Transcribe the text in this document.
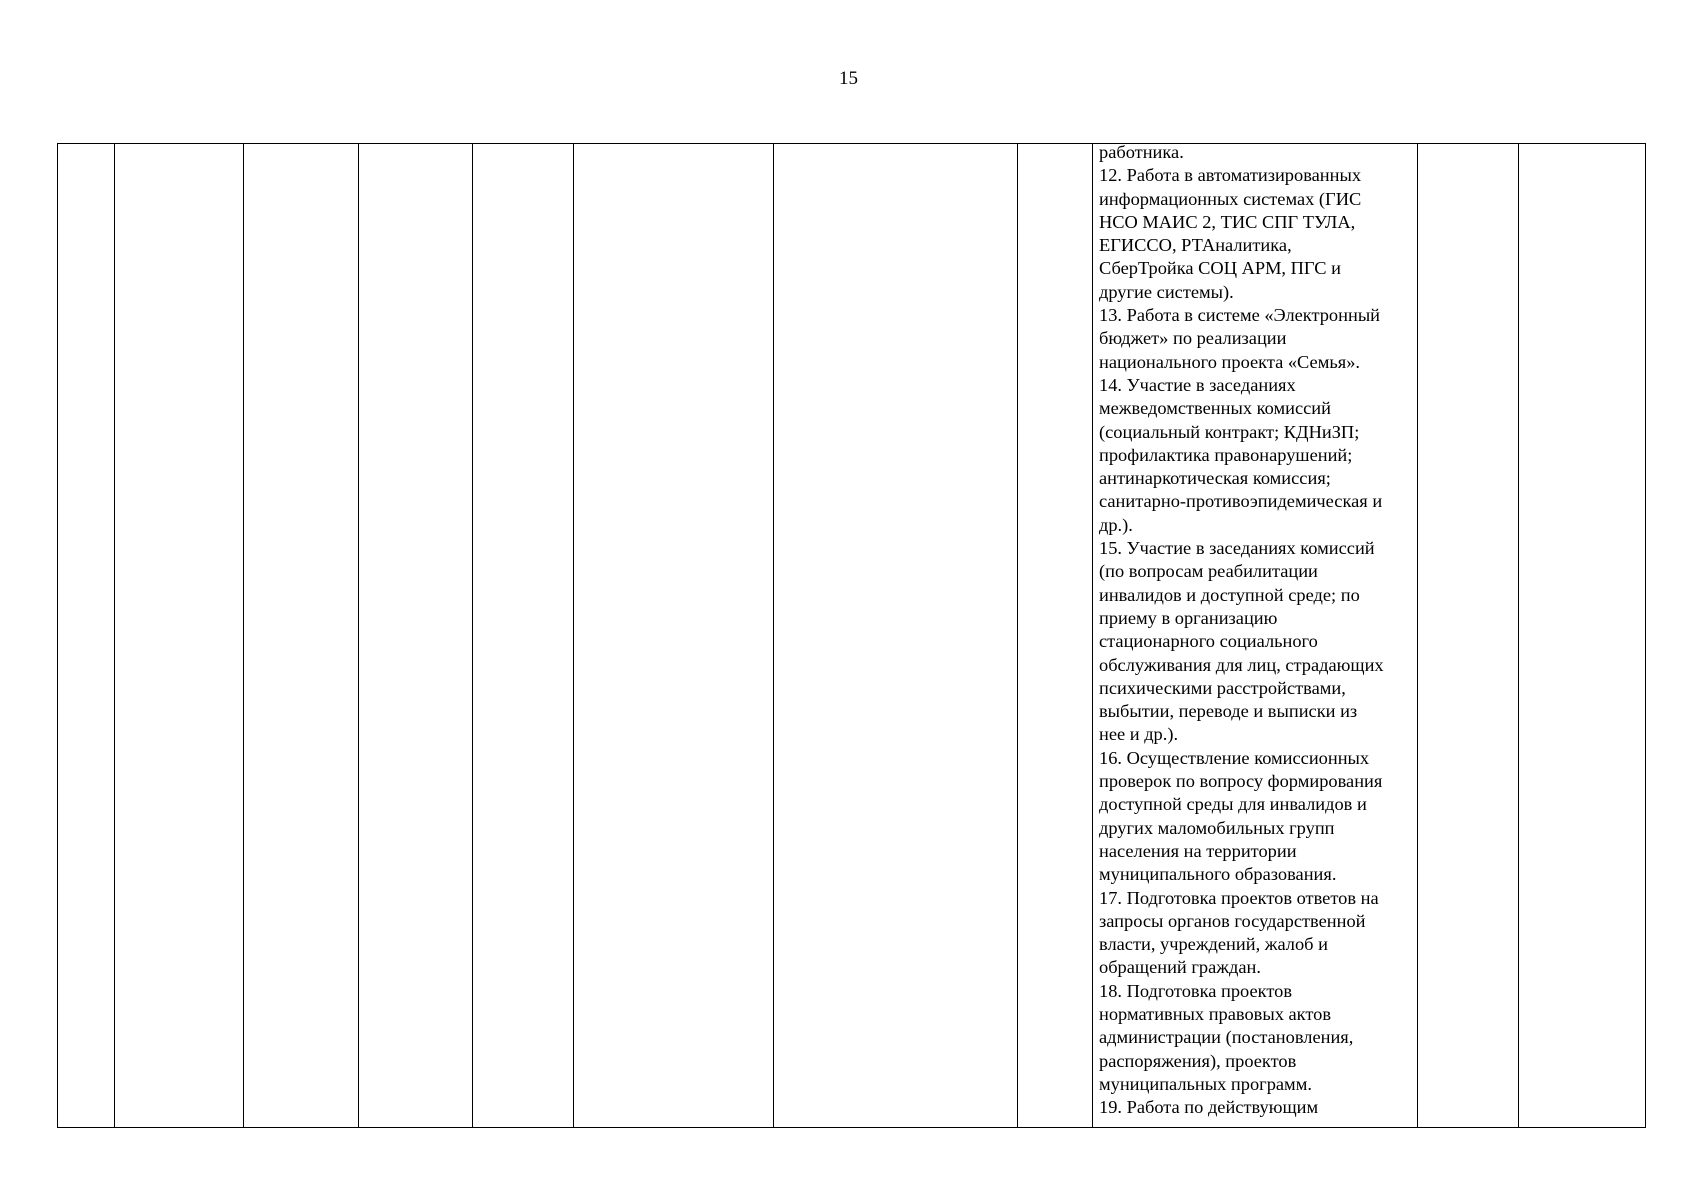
15

работника.
12. Работа в автоматизированных
информационных системах (ГИС
НСО МАИС 2, ТИС СПГ ТУЛА,
ЕГИССО, РТАналитика,
СберТройка СОЦ АРМ, ПГС и
другие системы).
13. Работа в системе «Электронный
бюджет» по реализации
национального проекта «Семья».
14. Участие в заседаниях
межведомственных комиссий
(социальный контракт; КДНиЗП;
профилактика правонарушений;
антинаркотическая комиссия;
санитарно-противоэпидемическая и
др.).
15. Участие в заседаниях комиссий
(по вопросам реабилитации
инвалидов и доступной среде; по
приему в организацию
стационарного социального
обслуживания для лиц, страдающих
психическими расстройствами,
выбытии, переводе и выписки из
нее и др.).
16. Осуществление комиссионных
проверок по вопросу формирования
доступной среды для инвалидов и
других маломобильных групп
населения на территории
муниципального образования.
17. Подготовка проектов ответов на
запросы органов государственной
власти, учреждений, жалоб и
обращений граждан.
18. Подготовка проектов
нормативных правовых актов
администрации (постановления,
распоряжения), проектов
муниципальных программ.
19. Работа по действующим
